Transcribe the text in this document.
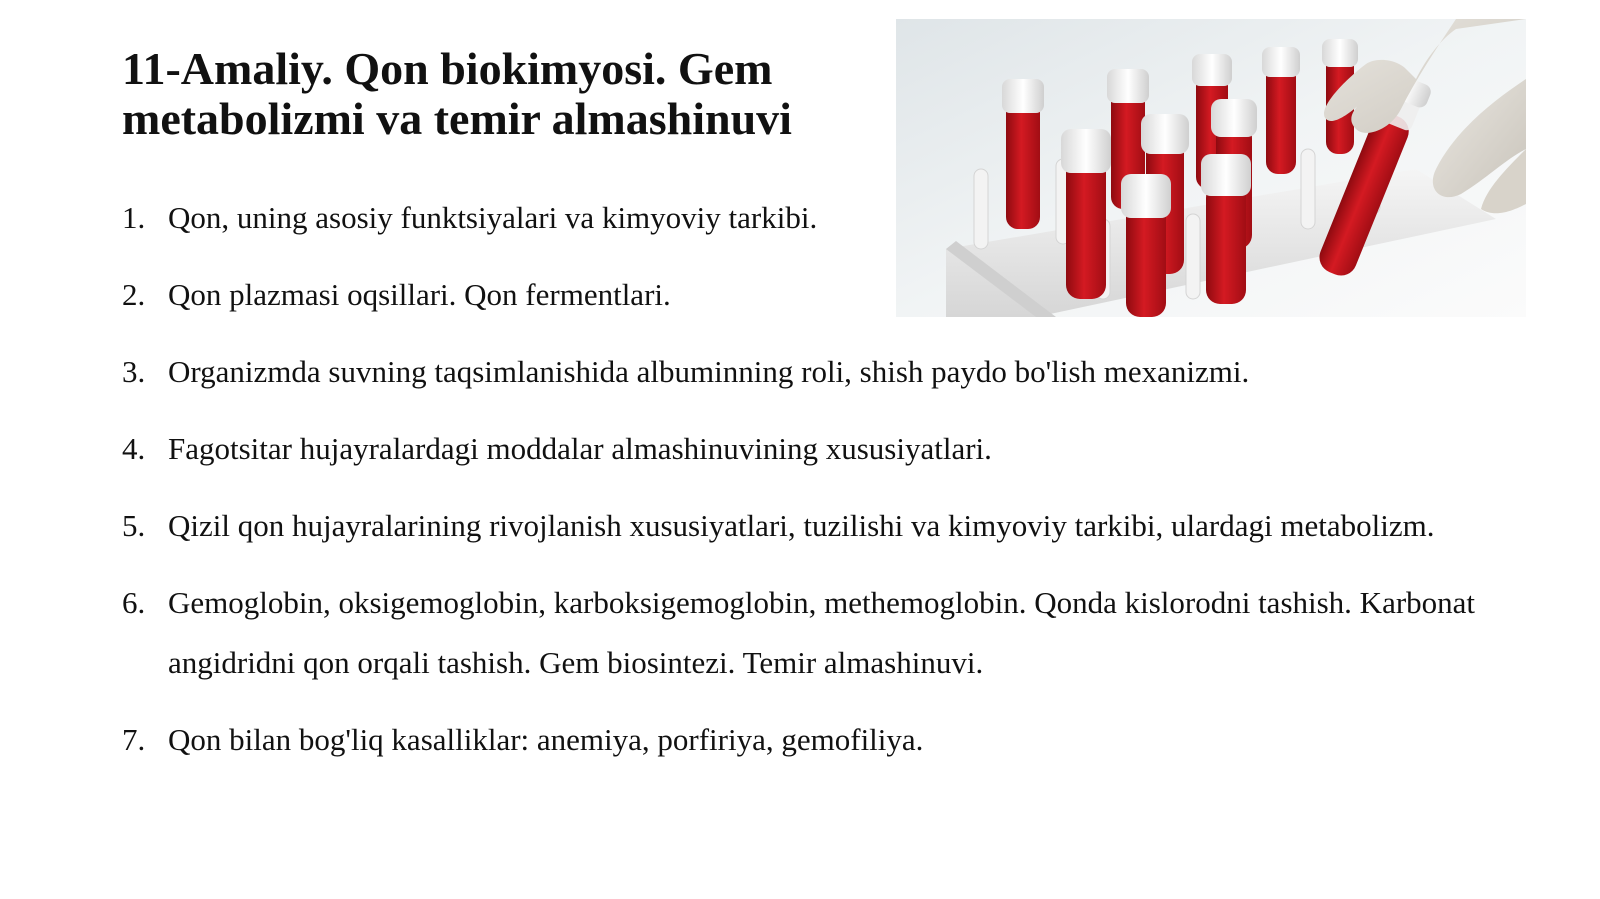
11-Amaliy. Qon biokimyosi. Gem
metabolizmi va temir almashinuvi
1. Qon, uning asosiy funktsiyalari va kimyoviy tarkibi.
2. Qon plazmasi oqsillari. Qon fermentlari.
3. Organizmda suvning taqsimlanishida albuminning roli, shish paydo bo'lish mexanizmi.
4. Fagotsitar hujayralardagi moddalar almashinuvining xususiyatlari.
5. Qizil qon hujayralarining rivojlanish xususiyatlari, tuzilishi va kimyoviy tarkibi, ulardagi metabolizm.
6. Gemoglobin, oksigemoglobin, karboksigemoglobin, methemoglobin. Qonda kislorodni tashish. Karbonat angidridni qon orqali tashish. Gem biosintezi. Temir almashinuvi.
7. Qon bilan bog'liq kasalliklar: anemiya, porfiriya, gemofiliya.
